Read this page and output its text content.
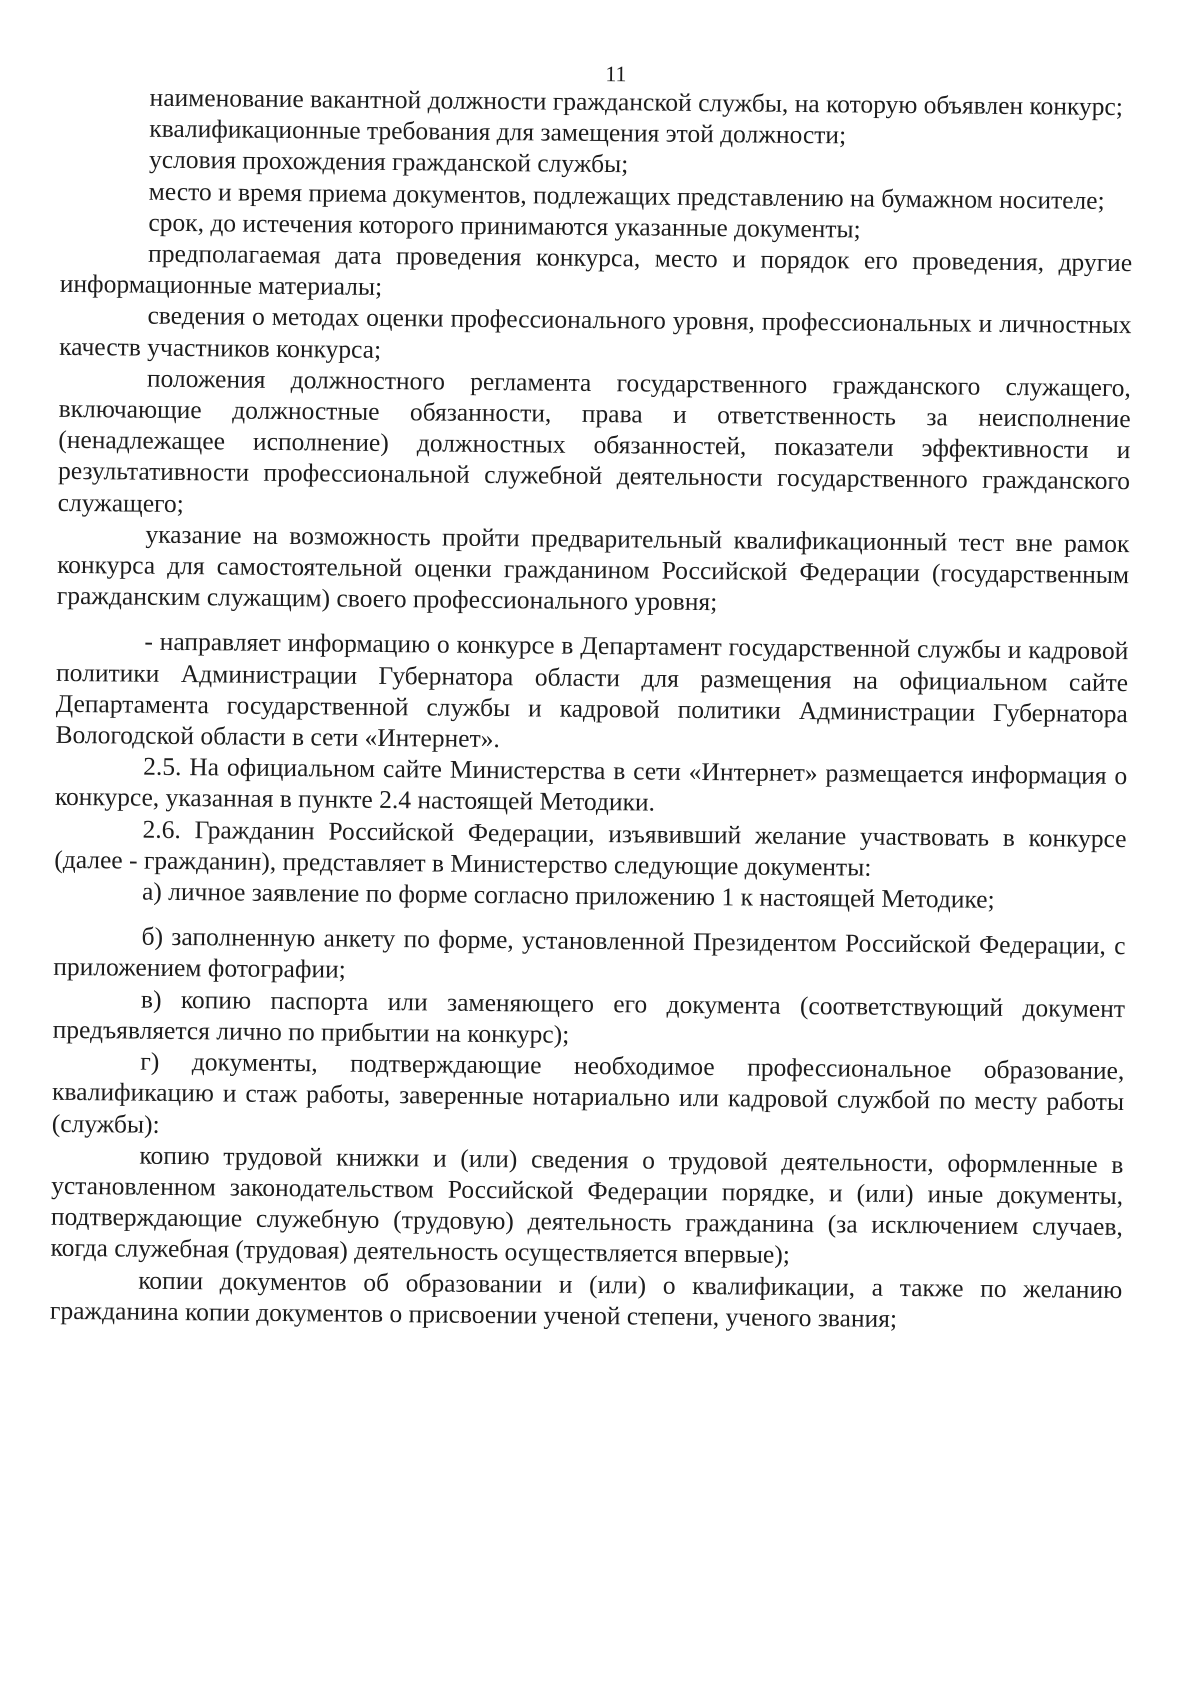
11

наименование вакантной должности гражданской службы, на которую объявлен конкурс;

квалификационные требования для замещения этой должности;

условия прохождения гражданской службы;

место и время приема документов, подлежащих представлению на бумажном носителе;

срок, до истечения которого принимаются указанные документы;

предполагаемая дата проведения конкурса, место и порядок его проведения, другие информационные материалы;

сведения о методах оценки профессионального уровня, профессиональных и личностных качеств участников конкурса;

положения должностного регламента государственного гражданского служащего, включающие должностные обязанности, права и ответственность за неисполнение (ненадлежащее исполнение) должностных обязанностей, показатели эффективности и результативности профессиональной служебной деятельности государственного гражданского служащего;

указание на возможность пройти предварительный квалификационный тест вне рамок конкурса для самостоятельной оценки гражданином Российской Федерации (государственным гражданским служащим) своего профессионального уровня;

- направляет информацию о конкурсе в Департамент государственной службы и кадровой политики Администрации Губернатора области для размещения на официальном сайте Департамента государственной службы и кадровой политики Администрации Губернатора Вологодской области в сети «Интернет».

2.5. На официальном сайте Министерства в сети «Интернет» размещается информация о конкурсе, указанная в пункте 2.4 настоящей Методики.

2.6. Гражданин Российской Федерации, изъявивший желание участвовать в конкурсе (далее - гражданин), представляет в Министерство следующие документы:

а) личное заявление по форме согласно приложению 1 к настоящей Методике;

б) заполненную анкету по форме, установленной Президентом Российской Федерации, с приложением фотографии;

в) копию паспорта или заменяющего его документа (соответствующий документ предъявляется лично по прибытии на конкурс);

г) документы, подтверждающие необходимое профессиональное образование, квалификацию и стаж работы, заверенные нотариально или кадровой службой по месту работы (службы):

копию трудовой книжки и (или) сведения о трудовой деятельности, оформленные в установленном законодательством Российской Федерации порядке, и (или) иные документы, подтверждающие служебную (трудовую) деятельность гражданина (за исключением случаев, когда служебная (трудовая) деятельность осуществляется впервые);

копии документов об образовании и (или) о квалификации, а также по желанию гражданина копии документов о присвоении ученой степени, ученого звания;
